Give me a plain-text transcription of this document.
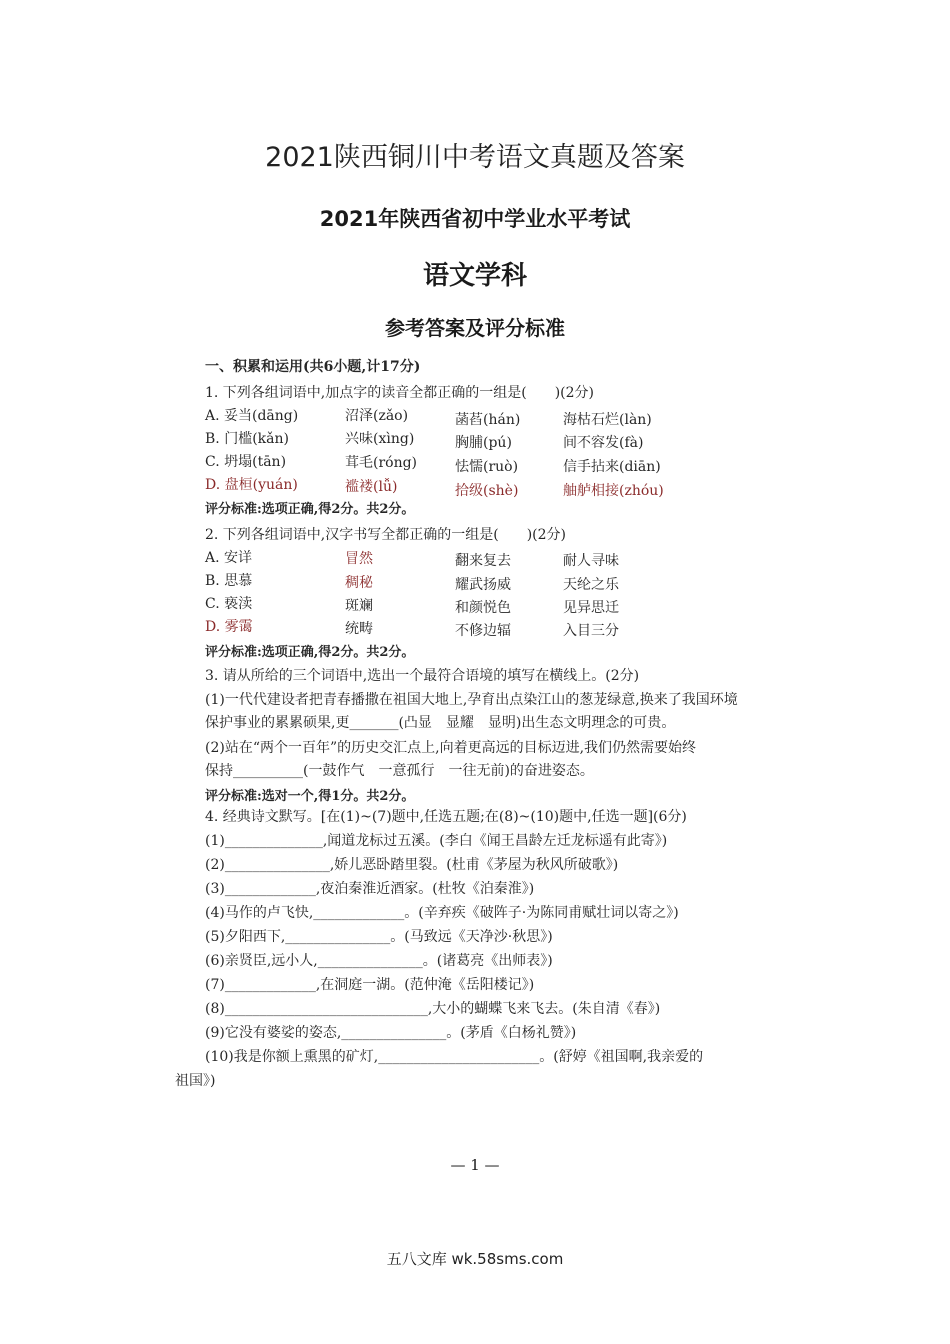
2021陕西铜川中考语文真题及答案
2021年陕西省初中学业水平考试
语文学科
参考答案及评分标准
一、积累和运用(共6小题,计17分)
1. 下列各组词语中,加点字的读音全都正确的一组是(　　)(2分)
A. 妥当(dāng)	沼泽(zǎo)	菡萏(hán)	海枯石烂(làn)
B. 门槛(kǎn)	兴味(xìng)	胸脯(pú)	间不容发(fà)
C. 坍塌(tān)	茸毛(róng)	怯懦(ruò)	信手拈来(diān)
D. 盘桓(yuán)	褴褛(lǚ)	拾级(shè)	舳舻相接(zhóu)
评分标准:选项正确,得2分。共2分。
2. 下列各组词语中,汉字书写全都正确的一组是(　　)(2分)
A. 安详	冒然	翻来复去	耐人寻味
B. 思慕	稠秘	耀武扬威	天纶之乐
C. 亵渎	斑斓	和颜悦色	见异思迁
D. 雾霭	统畴	不修边辐	入目三分
评分标准:选项正确,得2分。共2分。
3. 请从所给的三个词语中,选出一个最符合语境的填写在横线上。(2分)
(1)一代代建设者把青春播撒在祖国大地上,孕育出点染江山的葱茏绿意,换来了我国环境
保护事业的累累硕果,更_______(凸显　显耀　显明)出生态文明理念的可贵。
(2)站在“两个一百年”的历史交汇点上,向着更高远的目标迈进,我们仍然需要始终
保持__________(一鼓作气　一意孤行　一往无前)的奋进姿态。
评分标准:选对一个,得1分。共2分。
4. 经典诗文默写。[在(1)~(7)题中,任选五题;在(8)~(10)题中,任选一题](6分)
(1)______________,闻道龙标过五溪。(李白《闻王昌龄左迁龙标遥有此寄》)
(2)_______________,娇儿恶卧踏里裂。(杜甫《茅屋为秋风所破歌》)
(3)_____________,夜泊秦淮近酒家。(杜牧《泊秦淮》)
(4)马作的卢飞快,_____________。(辛弃疾《破阵子·为陈同甫赋壮词以寄之》)
(5)夕阳西下,_______________。(马致远《天净沙·秋思》)
(6)亲贤臣,远小人,_______________。(诸葛亮《出师表》)
(7)_____________,在洞庭一湖。(范仲淹《岳阳楼记》)
(8)_____________________________,大小的蝴蝶飞来飞去。(朱自清《春》)
(9)它没有婆娑的姿态,_______________。(茅盾《白杨礼赞》)
(10)我是你额上熏黑的矿灯,_______________________。(舒婷《祖国啊,我亲爱的
祖国》)
— 1 —
五八文库 wk.58sms.com
